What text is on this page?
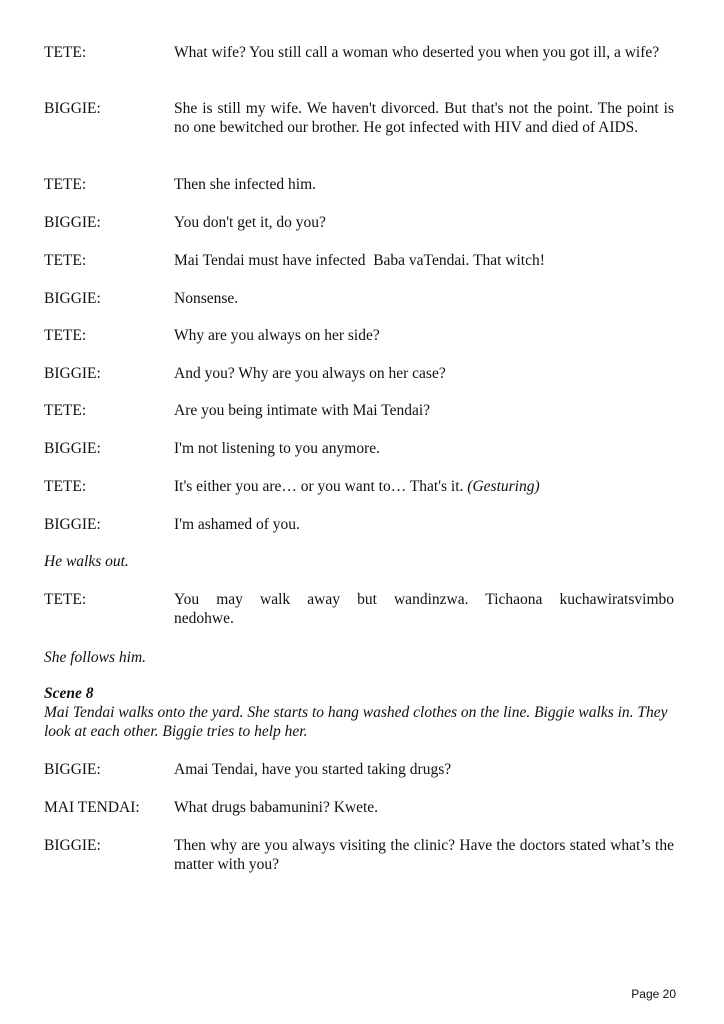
TETE:	What wife? You still call a woman who deserted you when you got ill, a wife?
BIGGIE:	She is still my wife. We haven't divorced. But that's not the point. The point is no one bewitched our brother. He got infected with HIV and died of AIDS.
TETE:	Then she infected him.
BIGGIE:	You don't get it, do you?
TETE:	Mai Tendai must have infected  Baba vaTendai. That witch!
BIGGIE:	Nonsense.
TETE:	Why are you always on her side?
BIGGIE:	And you? Why are you always on her case?
TETE:	Are you being intimate with Mai Tendai?
BIGGIE:	I'm not listening to you anymore.
TETE:	It's either you are… or you want to… That's it. (Gesturing)
BIGGIE:	I'm ashamed of you.
He walks out.
TETE:	You may walk away but wandinzwa. Tichaona kuchawiratsvimbo nedohwe.
She follows him.
Scene 8
Mai Tendai walks onto the yard. She starts to hang washed clothes on the line. Biggie walks in. They look at each other. Biggie tries to help her.
BIGGIE:	Amai Tendai, have you started taking drugs?
MAI TENDAI:	What drugs babamunini? Kwete.
BIGGIE:	Then why are you always visiting the clinic? Have the doctors stated what’s the matter with you?
Page 20
